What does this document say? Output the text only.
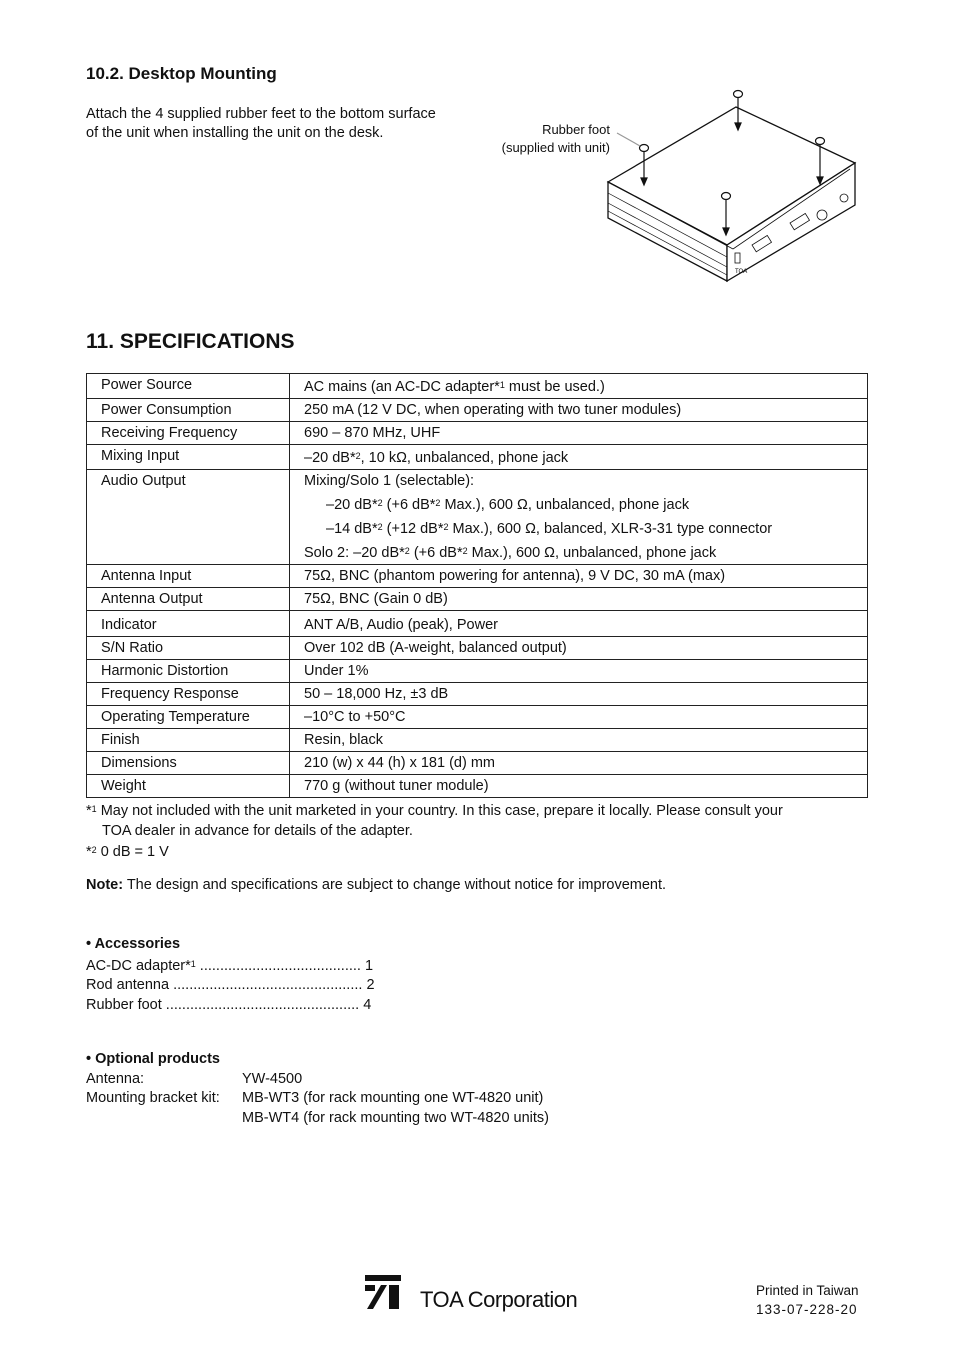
10.2. Desktop Mounting

Attach the 4 supplied rubber feet to the bottom surface
of the unit when installing the unit on the desk.	Rubber foot
(supplied with unit)
TOA
11. SPECIFICATIONS
Power Source	AC mains (an AC-DC adapter*$^1$ must be used.)
Power Consumption	250 mA (12 V DC, when operating with two tuner modules)
Receiving Frequency	690 – 870 MHz, UHF
Mixing Input	–20 dB*$^2$, 10 kΩ, unbalanced, phone jack
Audio Output	Mixing/Solo 1 (selectable):
–20 dB*$^2$ (+6 dB*$^2$ Max.), 600 Ω, unbalanced, phone jack
–14 dB*$^2$ (+12 dB*$^2$ Max.), 600 Ω, balanced, XLR-3-31 type connector
Solo 2: –20 dB*$^2$ (+6 dB*$^2$ Max.), 600 Ω, unbalanced, phone jack

Antenna Input	75Ω, BNC (phantom powering for antenna), 9 V DC, 30 mA (max)
Antenna Output	75Ω, BNC (Gain 0 dB)
Indicator	ANT A/B, Audio (peak), Power
S/N Ratio	Over 102 dB (A-weight, balanced output)
Harmonic Distortion	Under 1%
Frequency Response	50 – 18,000 Hz, ±3 dB
Operating Temperature	–10°C to +50°C
Finish	Resin, black
Dimensions	210 (w) x 44 (h) x 181 (d) mm
Weight	770 g (without tuner module)
*$^1$ May not included with the unit marketed in your country. In this case, prepare it locally. Please consult your
TOA dealer in advance for details of the adapter.
*$^2$ 0 dB = 1 V
Note: The design and specifications are subject to change without notice for improvement.
• Accessories
AC-DC adapter*$^1$ ........................................ 1
Rod antenna ............................................... 2
Rubber foot ................................................ 4
• Optional products
Antenna:	YW-4500
Mounting bracket kit: MB-WT3 (for rack mounting one WT-4820 unit)
MB-WT4 (for rack mounting two WT-4820 units)
TOA Corporation	Printed in Taiwan
133-07-228-20
